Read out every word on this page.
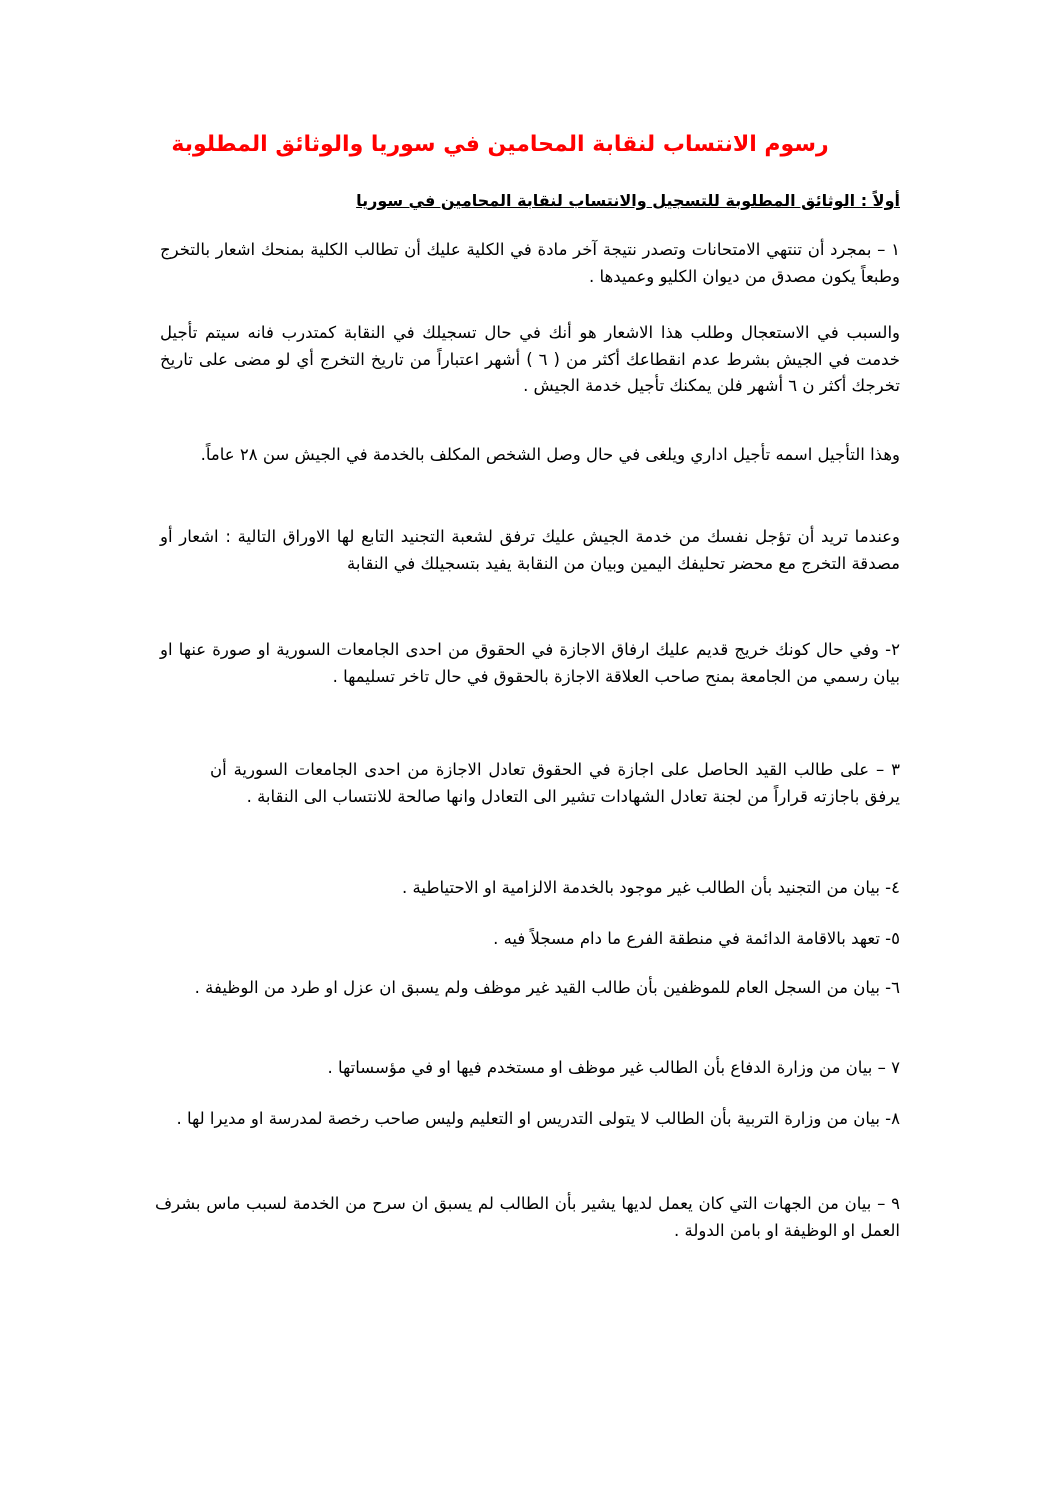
رسوم الانتساب لنقابة المحامين في سوريا والوثائق المطلوبة
أولاً : الوثائق المطلوبة للتسجيل والانتساب لنقابة المحامين في سوريا

١ – بمجرد أن تنتهي الامتحانات وتصدر نتيجة آخر مادة في الكلية عليك أن تطالب الكلية بمنحك اشعار بالتخرج وطبعاً يكون مصدق من ديوان الكليو وعميدها .

والسبب في الاستعجال وطلب هذا الاشعار هو أنك في حال تسجيلك في النقابة كمتدرب فانه سيتم تأجيل خدمت في الجيش بشرط عدم انقطاعك أكثر من ( ٦ ) أشهر اعتباراً من تاريخ التخرج أي لو مضى على تاريخ تخرجك أكثر ن ٦ أشهر فلن يمكنك تأجيل خدمة الجيش .

وهذا التأجيل اسمه تأجيل اداري ويلغى في حال وصل الشخص المكلف بالخدمة في الجيش سن ٢٨ عاماً.

وعندما تريد أن تؤجل نفسك من خدمة الجيش عليك ترفق لشعبة التجنيد التابع لها الاوراق التالية : اشعار أو مصدقة التخرج مع محضر تحليفك اليمين وبيان من النقابة يفيد بتسجيلك في النقابة

٢- وفي حال كونك خريج قديم عليك ارفاق الاجازة في الحقوق من احدى الجامعات السورية او صورة عنها او بيان رسمي من الجامعة بمنح صاحب العلاقة الاجازة بالحقوق في حال تاخر تسليمها .

٣ – على طالب القيد الحاصل على اجازة في الحقوق تعادل الاجازة من احدى الجامعات السورية أن يرفق باجازته قراراً من لجنة تعادل الشهادات تشير الى التعادل وانها صالحة للانتساب الى النقابة .

٤- بيان من التجنيد بأن الطالب غير موجود بالخدمة الالزامية او الاحتياطية .

٥- تعهد بالاقامة الدائمة في منطقة الفرع ما دام مسجلاً فيه .

٦- بيان من السجل العام للموظفين بأن طالب القيد غير موظف ولم يسبق ان عزل او طرد من الوظيفة .

٧ – بيان من وزارة الدفاع بأن الطالب غير موظف او مستخدم فيها او في مؤسساتها .

٨- بيان من وزارة التربية بأن الطالب لا يتولى التدريس او التعليم وليس صاحب رخصة لمدرسة او مديرا لها .

٩ – بيان من الجهات التي كان يعمل لديها يشير بأن الطالب لم يسبق ان سرح من الخدمة لسبب ماس بشرف العمل او الوظيفة او بامن الدولة .
